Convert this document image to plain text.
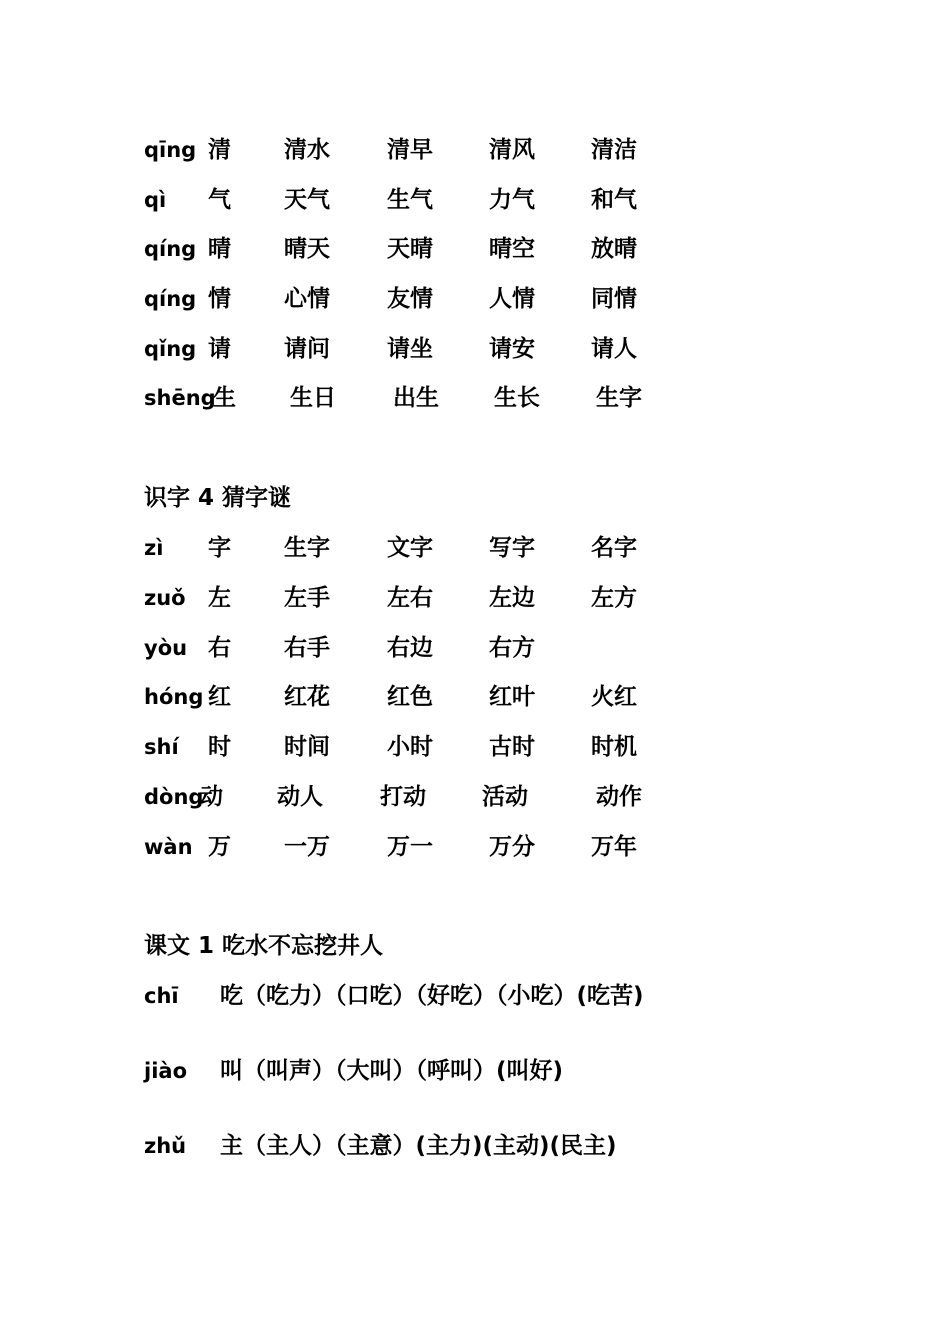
qīng 清 清水 清早 清风 清洁
qì 气 天气 生气 力气 和气
qíng 晴 晴天 天晴 晴空 放晴
qíng 情 心情 友情 人情 同情
qǐng 请 请问 请坐 请安 请人
shēng
生 生日 出生 生长 生字
识字 4 猜字谜
zì 字 生字 文字 写字 名字
zuǒ 左 左手 左右 左边 左方
yòu 右 右手 右边 右方
hóng 红 红花 红色 红叶 火红
shí 时 时间 小时 古时 时机
dòng
动 动人 打动 活动	动作
wàn 万 一万 万一 万分 万年
课文 1 吃水不忘挖井人
chī 吃（吃力）（口吃）（好吃）（小吃）(吃苦)
jiào 叫（叫声）（大叫）（呼叫）(叫好)
zhǔ 主（主人）（主意）(主力)(主动)(民主)
